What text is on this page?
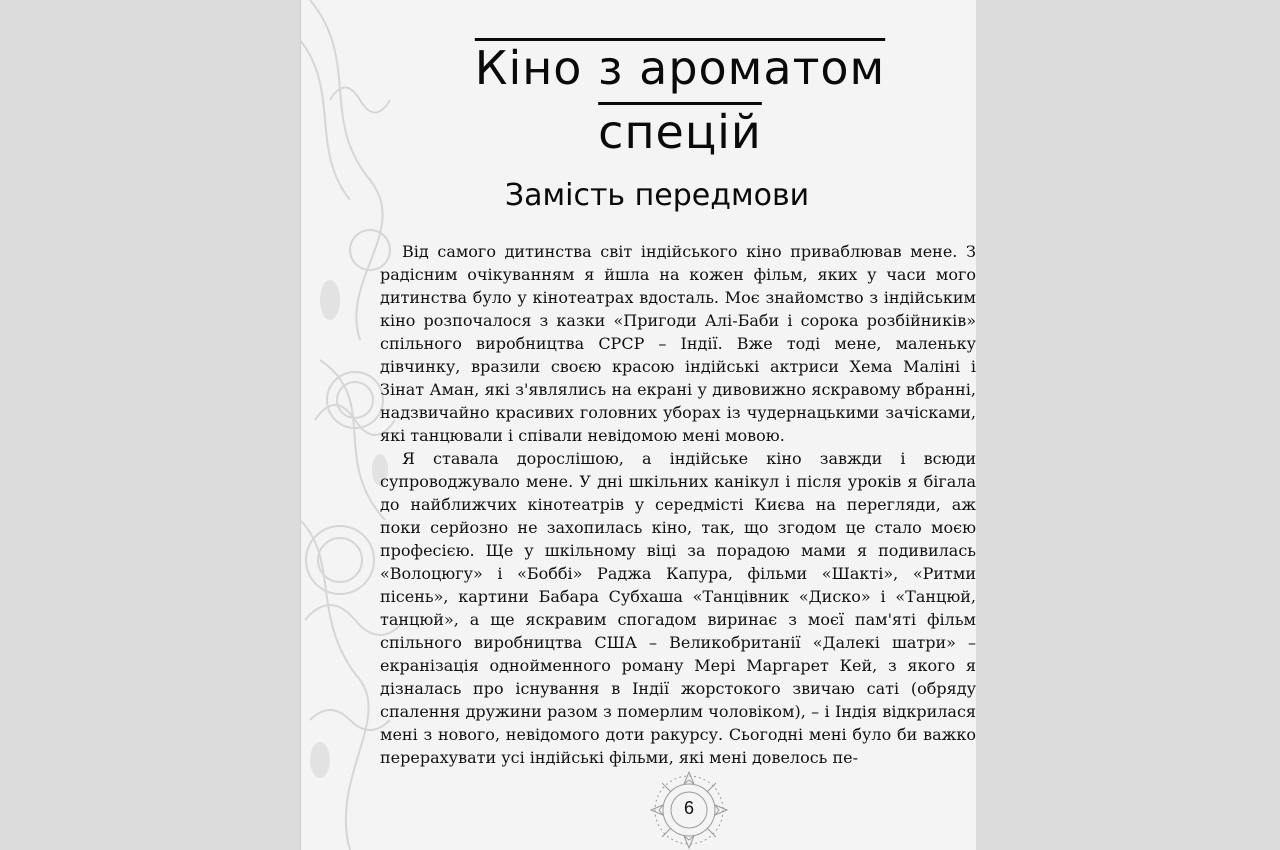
Кіно з ароматом
спецій
Замість передмови

Від самого дитинства світ індійського кіно приваблював мене. З радісним очікуванням я йшла на кожен фільм, яких у часи мого дитинства було у кінотеатрах вдосталь. Моє знайомство з індійським кіно розпочалося з казки «Пригоди Алі-Баби і сорока розбійників» спільного виробництва СРСР – Індії. Вже тоді мене, маленьку дівчинку, вразили своєю красою індійські актриси Хема Маліні і Зінат Аман, які з'являлись на екрані у дивовижно яскравому вбранні, надзвичайно красивих головних уборах із чудернацькими зачісками, які танцювали і співали невідомою мені мовою.

Я ставала дорослішою, а індійське кіно завжди і всюди супроводжувало мене. У дні шкільних канікул і після уроків я бігала до найближчих кінотеатрів у середмісті Києва на перегляди, аж поки серйозно не захопилась кіно, так, що згодом це стало моєю професією. Ще у шкільному віці за порадою мами я подивилась «Волоцюгу» і «Боббі» Раджа Капура, фільми «Шакті», «Ритми пісень», картини Бабара Субхаша «Танцівник «Диско» і «Танцюй, танцюй», а ще яскравим спогадом виринає з моєї пам'яті фільм спільного виробництва США – Великобританії «Далекі шатри» – екранізація однойменного роману Мері Маргарет Кей, з якого я дізналась про існування в Індії жорстокого звичаю саті (обряду спалення дружини разом з померлим чоловіком), – і Індія відкрилася мені з нового, невідомого доти ракурсу. Сьогодні мені було би важко перерахувати усі індійські фільми, які мені довелось пе-

6
